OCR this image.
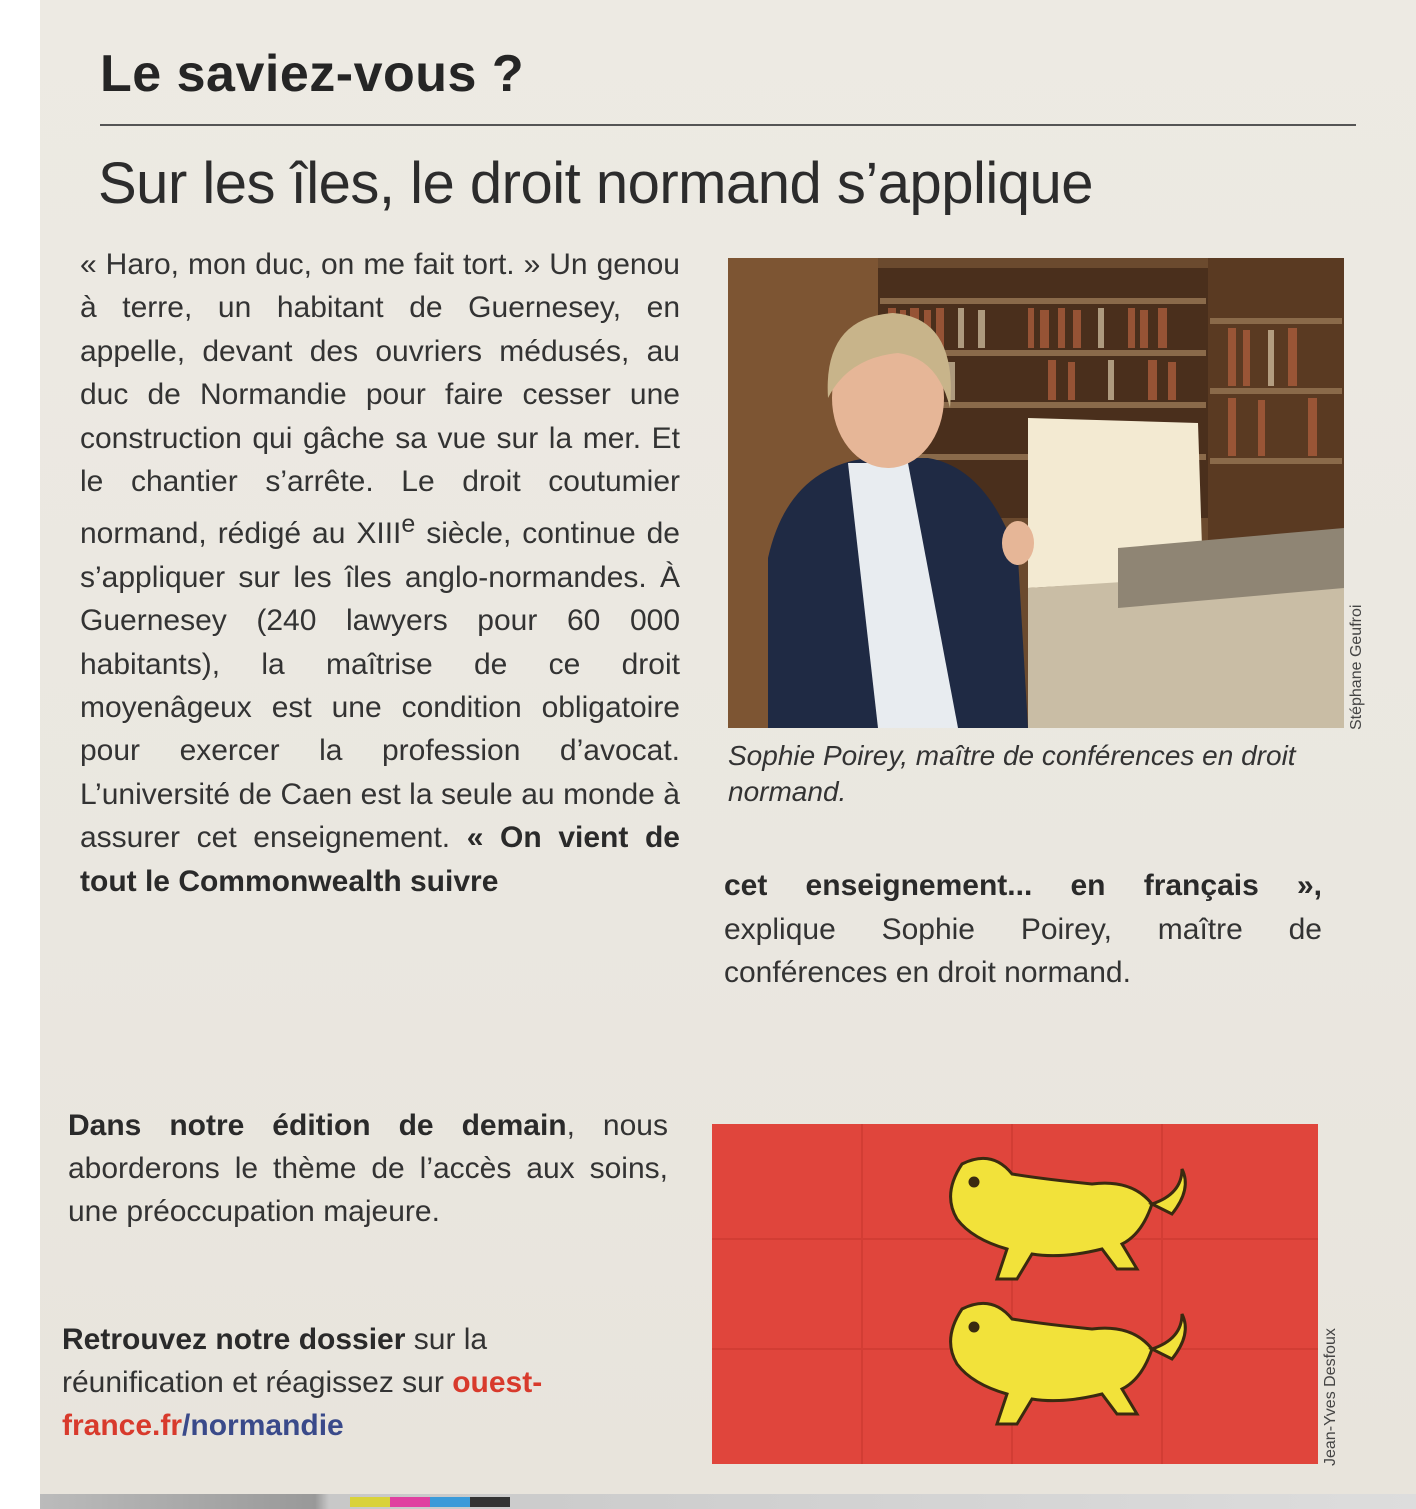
Le saviez-vous ?
Sur les îles, le droit normand s’applique

« Haro, mon duc, on me fait tort. » Un genou à terre, un habitant de Guernesey, en appelle, devant des ouvriers médusés, au duc de Normandie pour faire cesser une construction qui gâche sa vue sur la mer. Et le chantier s’arrête. Le droit coutumier normand, rédigé au XIIIe siècle, continue de s’appliquer sur les îles anglo-normandes. À Guernesey (240 lawyers pour 60 000 habitants), la maîtrise de ce droit moyenâgeux est une condition obligatoire pour exercer la profession d’avocat. L’université de Caen est la seule au monde à assurer cet enseignement. « On vient de tout le Commonwealth suivre

Stéphane Geufroi

Sophie Poirey, maître de conférences en droit normand.

cet enseignement... en français », explique Sophie Poirey, maître de conférences en droit normand.

Dans notre édition de demain, nous aborderons le thème de l’accès aux soins, une préoccupation majeure.

Retrouvez notre dossier sur la réunification et réagissez sur ouest-france.fr/normandie	Jean-Yves Desfoux
